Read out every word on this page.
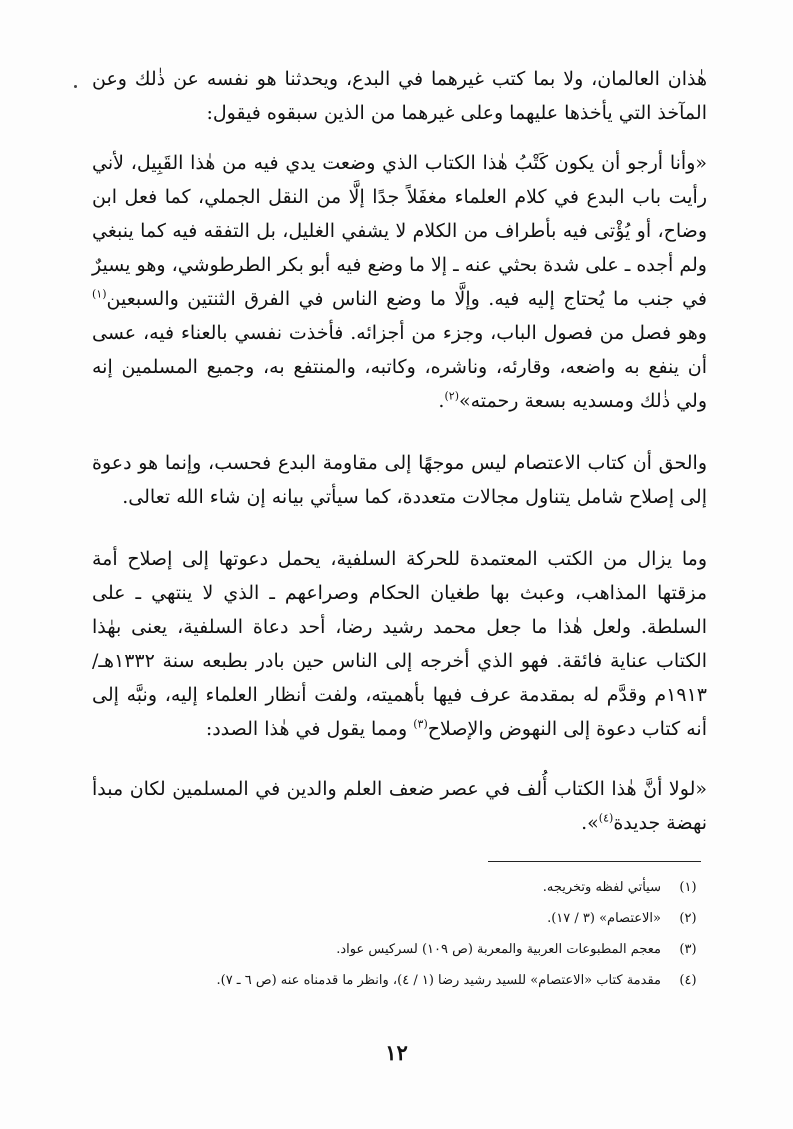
هٰذان العالمان، ولا بما كتب غيرهما في البدع، ويحدثنا هو نفسه عن ذٰلك وعن المآخذ التي يأخذها عليهما وعلى غيرهما من الذين سبقوه فيقول:

«وأنا أرجو أن يكون كَتْبُ هٰذا الكتاب الذي وضعت يدي فيه من هٰذا القَبِيل، لأني رأيت باب البدع في كلام العلماء مغفَلاً جدًا إلَّا من النقل الجملي، كما فعل ابن وضاح، أو يُؤْتى فيه بأطراف من الكلام لا يشفي الغليل، بل التفقه فيه كما ينبغي ولم أجده ـ على شدة بحثي عنه ـ إلا ما وضع فيه أبو بكر الطرطوشي، وهو يسيرٌ في جنب ما يُحتاج إليه فيه. وإلَّا ما وضع الناس في الفرق الثنتين والسبعين$^{(١)}$ وهو فصل من فصول الباب، وجزء من أجزائه. فأخذت نفسي بالعناء فيه، عسى أن ينفع به واضعه، وقارئه، وناشره، وكاتبه، والمنتفع به، وجميع المسلمين إنه ولي ذٰلك ومسديه بسعة رحمته»$^{(٢)}$.

والحق أن كتاب الاعتصام ليس موجهًا إلى مقاومة البدع فحسب، وإنما هو دعوة إلى إصلاح شامل يتناول مجالات متعددة، كما سيأتي بيانه إن شاء الله تعالى.

وما يزال من الكتب المعتمدة للحركة السلفية، يحمل دعوتها إلى إصلاح أمة مزقتها المذاهب، وعبث بها طغيان الحكام وصراعهم ـ الذي لا ينتهي ـ على السلطة. ولعل هٰذا ما جعل محمد رشيد رضا، أحد دعاة السلفية، يعنى بهٰذا الكتاب عناية فائقة. فهو الذي أخرجه إلى الناس حين بادر بطبعه سنة ١٣٣٢هـ/ ١٩١٣م وقدَّم له بمقدمة عرف فيها بأهميته، ولفت أنظار العلماء إليه، ونبَّه إلى أنه كتاب دعوة إلى النهوض والإصلاح$^{(٣)}$ ومما يقول في هٰذا الصدد:

«لولا أنَّ هٰذا الكتاب أُلف في عصر ضعف العلم والدين في المسلمين لكان مبدأ نهضة جديدة$^{(٤)}$».

(١)
سيأتي لفظه وتخريجه.
(٢)
«الاعتصام» (٣ / ١٧).
(٣)
معجم المطبوعات العربية والمعربة (ص ١٠٩) لسركيس عواد.
(٤)
مقدمة كتاب «الاعتصام» للسيد رشيد رضا (١ / ٤)، وانظر ما قدمناه عنه (ص ٦ ـ ٧).
١٢
